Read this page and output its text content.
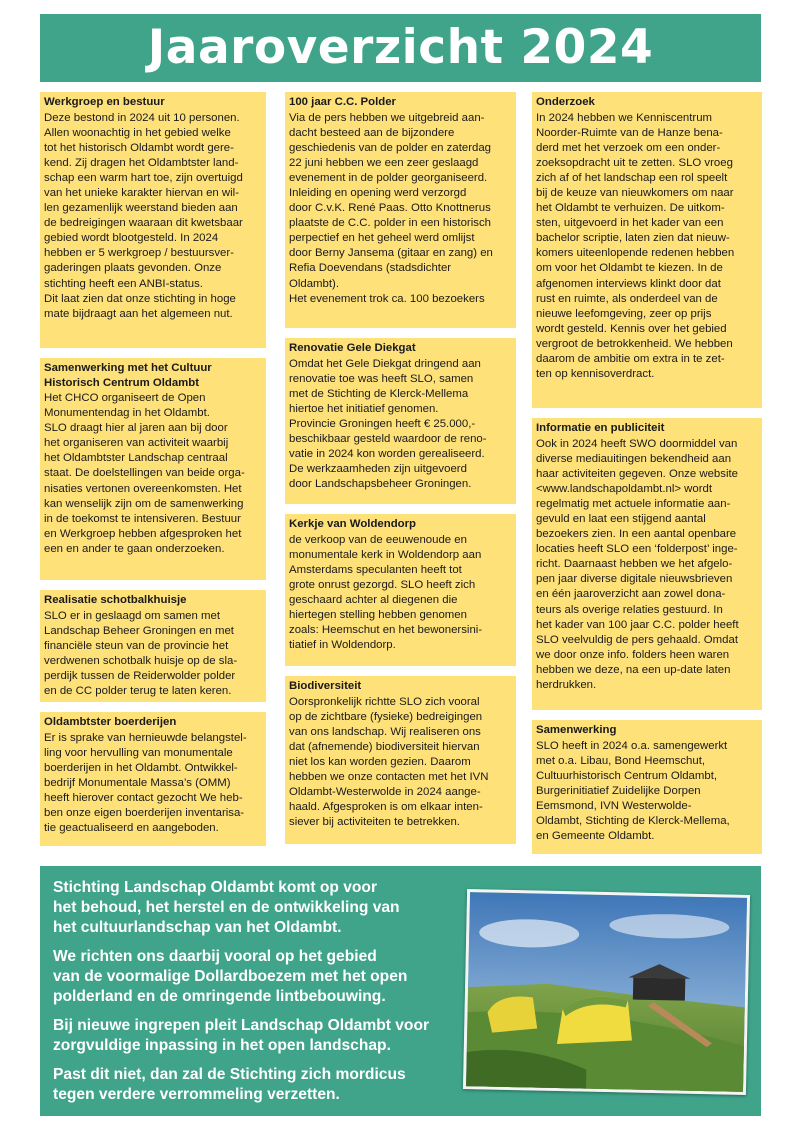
Jaaroverzicht 2024
Werkgroep en bestuur

Deze bestond in 2024 uit 10 personen.
Allen woonachtig in het gebied welke
tot het historisch Oldambt wordt gere-
kend. Zij dragen het Oldambtster land-
schap een warm hart toe, zijn overtuigd
van het unieke karakter hiervan en wil-
len gezamenlijk weerstand bieden aan
de bedreigingen waaraan dit kwetsbaar
gebied wordt blootgesteld. In 2024
hebben er 5 werkgroep / bestuursver-
gaderingen plaats gevonden. Onze
stichting heeft een ANBI-status.
Dit laat zien dat onze stichting in hoge
mate bijdraagt aan het algemeen nut.

Samenwerking met het Cultuur
Historisch Centrum Oldambt

Het CHCO organiseert de Open
Monumentendag in het Oldambt.
SLO draagt hier al jaren aan bij door
het organiseren van activiteit waarbij
het Oldambtster Landschap centraal
staat. De doelstellingen van beide orga-
nisaties vertonen overeenkomsten. Het
kan wenselijk zijn om de samenwerking
in de toekomst te intensiveren. Bestuur
en Werkgroep hebben afgesproken het
een en ander te gaan onderzoeken.

Realisatie schotbalkhuisje

SLO er in geslaagd om samen met
Landschap Beheer Groningen en met
financiële steun van de provincie het
verdwenen schotbalk huisje op de sla-
perdijk tussen de Reiderwolder polder
en de CC polder terug te laten keren.

Oldambtster boerderijen

Er is sprake van hernieuwde belangstel-
ling voor hervulling van monumentale
boerderijen in het Oldambt. Ontwikkel-
bedrijf Monumentale Massa’s (OMM)
heeft hierover contact gezocht We heb-
ben onze eigen boerderijen inventarisa-
tie geactualiseerd en aangeboden.

100 jaar C.C. Polder

Via de pers hebben we uitgebreid aan-
dacht besteed aan de bijzondere
geschiedenis van de polder en zaterdag
22 juni hebben we een zeer geslaagd
evenement in de polder georganiseerd.
Inleiding en opening werd verzorgd
door C.v.K. René Paas. Otto Knottnerus
plaatste de C.C. polder in een historisch
perpectief en het geheel werd omlijst
door Berny Jansema (gitaar en zang) en
Refia Doevendans (stadsdichter
Oldambt).
Het evenement trok ca. 100 bezoekers

Renovatie Gele Diekgat

Omdat het Gele Diekgat dringend aan
renovatie toe was heeft SLO, samen
met de Stichting de Klerck-Mellema
hiertoe het initiatief genomen.
Provincie Groningen heeft € 25.000,-
beschikbaar gesteld waardoor de reno-
vatie in 2024 kon worden gerealiseerd.
De werkzaamheden zijn uitgevoerd
door Landschapsbeheer Groningen.

Kerkje van Woldendorp

de verkoop van de eeuwenoude en
monumentale kerk in Woldendorp aan
Amsterdams speculanten heeft tot
grote onrust gezorgd. SLO heeft zich
geschaard achter al diegenen die
hiertegen stelling hebben genomen
zoals: Heemschut en het bewonersini-
tiatief in Woldendorp.

Biodiversiteit

Oorspronkelijk richtte SLO zich vooral
op de zichtbare (fysieke) bedreigingen
van ons landschap. Wij realiseren ons
dat (afnemende) biodiversiteit hiervan
niet los kan worden gezien. Daarom
hebben we onze contacten met het IVN
Oldambt-Westerwolde in 2024 aange-
haald. Afgesproken is om elkaar inten-
siever bij activiteiten te betrekken.

Onderzoek

In 2024 hebben we Kenniscentrum
Noorder-Ruimte van de Hanze bena-
derd met het verzoek om een onder-
zoeksopdracht uit te zetten. SLO vroeg
zich af of het landschap een rol speelt
bij de keuze van nieuwkomers om naar
het Oldambt te verhuizen. De uitkom-
sten, uitgevoerd in het kader van een
bachelor scriptie, laten zien dat nieuw-
komers uiteenlopende redenen hebben
om voor het Oldambt te kiezen. In de
afgenomen interviews klinkt door dat
rust en ruimte, als onderdeel van de
nieuwe leefomgeving, zeer op prijs
wordt gesteld. Kennis over het gebied
vergroot de betrokkenheid. We hebben
daarom de ambitie om extra in te zet-
ten op kennisoverdract.

Informatie en publiciteit

Ook in 2024 heeft SWO doormiddel van
diverse mediauitingen bekendheid aan
haar activiteiten gegeven. Onze website
<www.landschapoldambt.nl> wordt
regelmatig met actuele informatie aan-
gevuld en laat een stijgend aantal
bezoekers zien. In een aantal openbare
locaties heeft SLO een ‘folderpost’ inge-
richt. Daarnaast hebben we het afgelo-
pen jaar diverse digitale nieuwsbrieven
en één jaaroverzicht aan zowel dona-
teurs als overige relaties gestuurd. In
het kader van 100 jaar C.C. polder heeft
SLO veelvuldig de pers gehaald. Omdat
we door onze info. folders heen waren
hebben we deze, na een up-date laten
herdrukken.

Samenwerking

SLO heeft in 2024 o.a. samengewerkt
met o.a. Libau, Bond Heemschut,
Cultuurhistorisch Centrum Oldambt,
Burgerinitiatief Zuidelijke Dorpen
Eemsmond, IVN Westerwolde-
Oldambt, Stichting de Klerck-Mellema,
en Gemeente Oldambt.

Stichting Landschap Oldambt komt op voor
het behoud, het herstel en de ontwikkeling van
het cultuurlandschap van het Oldambt.

We richten ons daarbij vooral op het gebied
van de voormalige Dollardboezem met het open
polderland en de omringende lintbebouwing.

Bij nieuwe ingrepen pleit Landschap Oldambt voor
zorgvuldige inpassing in het open landschap.

Past dit niet, dan zal de Stichting zich mordicus
tegen verdere verrommeling verzetten.
